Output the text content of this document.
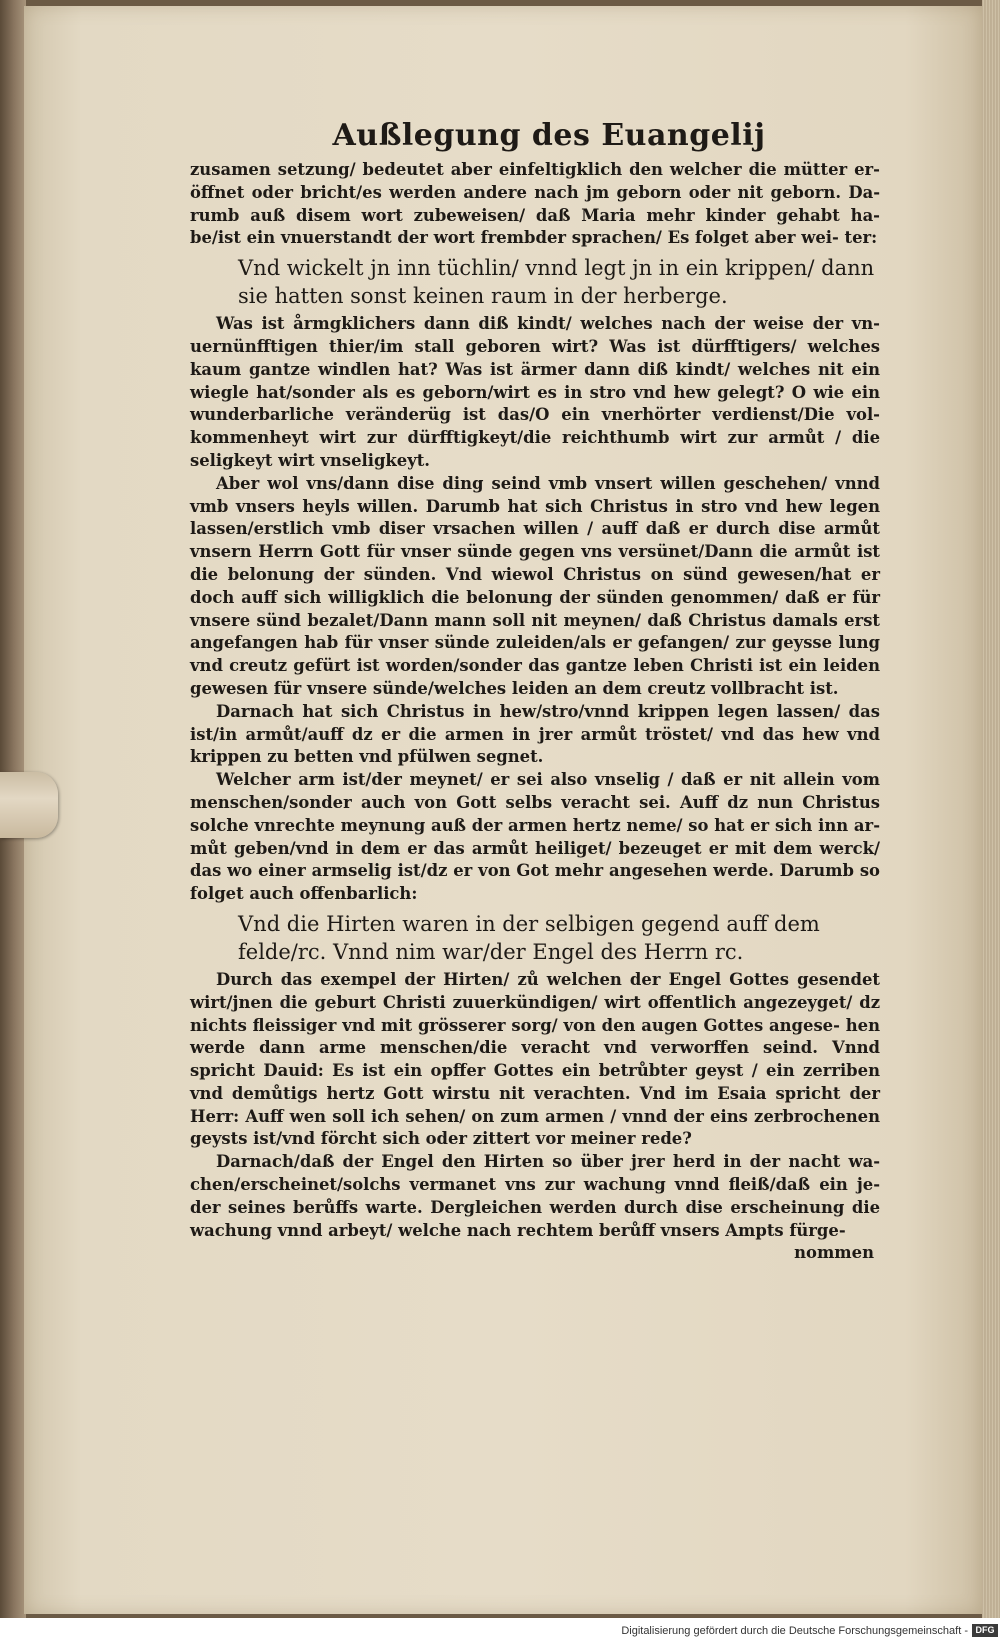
Außlegung des Euangelij

zusamen setzung/ bedeutet aber einfeltigklich den welcher die mütter er- öffnet oder bricht/es werden andere nach jm geborn oder nit geborn. Da- rumb auß disem wort zubeweisen/ daß Maria mehr kinder gehabt ha- be/ist ein vnuerstandt der wort frembder sprachen/ Es folget aber wei- ter:

Vnd wickelt jn inn tüchlin/ vnnd legt jn in ein krippen/ dann sie hatten sonst keinen raum in der herberge.

Was ist årmgklichers dann diß kindt/ welches nach der weise der vn- uernünfftigen thier/im stall geboren wirt? Was ist dürfftigers/ welches kaum gantze windlen hat? Was ist ärmer dann diß kindt/ welches nit ein wiegle hat/sonder als es geborn/wirt es in stro vnd hew gelegt? O wie ein wunderbarliche veränderüg ist das/O ein vnerhörter verdienst/Die vol- kommenheyt wirt zur dürfftigkeyt/die reichthumb wirt zur armůt / die seligkeyt wirt vnseligkeyt.

Aber wol vns/dann dise ding seind vmb vnsert willen geschehen/ vnnd vmb vnsers heyls willen. Darumb hat sich Christus in stro vnd hew legen lassen/erstlich vmb diser vrsachen willen / auff daß er durch dise armůt vnsern Herrn Gott für vnser sünde gegen vns versünet/Dann die armůt ist die belonung der sünden. Vnd wiewol Christus on sünd gewesen/hat er doch auff sich willigklich die belonung der sünden genommen/ daß er für vnsere sünd bezalet/Dann mann soll nit meynen/ daß Christus damals erst angefangen hab für vnser sünde zuleiden/als er gefangen/ zur geysse lung vnd creutz gefürt ist worden/sonder das gantze leben Christi ist ein leiden gewesen für vnsere sünde/welches leiden an dem creutz vollbracht ist.

Darnach hat sich Christus in hew/stro/vnnd krippen legen lassen/ das ist/in armůt/auff dz er die armen in jrer armůt tröstet/ vnd das hew vnd krippen zu betten vnd pfülwen segnet.

Welcher arm ist/der meynet/ er sei also vnselig / daß er nit allein vom menschen/sonder auch von Gott selbs veracht sei. Auff dz nun Christus solche vnrechte meynung auß der armen hertz neme/ so hat er sich inn ar- můt geben/vnd in dem er das armůt heiliget/ bezeuget er mit dem werck/ das wo einer armselig ist/dz er von Got mehr angesehen werde. Darumb so folget auch offenbarlich:

Vnd die Hirten waren in der selbigen gegend auff dem felde/rc. Vnnd nim war/der Engel des Herrn rc.

Durch das exempel der Hirten/ zů welchen der Engel Gottes gesendet wirt/jnen die geburt Christi zuuerkündigen/ wirt offentlich angezeyget/ dz nichts fleissiger vnd mit grösserer sorg/ von den augen Gottes angese- hen werde dann arme menschen/die veracht vnd verworffen seind. Vnnd spricht Dauid: Es ist ein opffer Gottes ein betrůbter geyst / ein zerriben vnd demůtigs hertz Gott wirstu nit verachten. Vnd im Esaia spricht der Herr: Auff wen soll ich sehen/ on zum armen / vnnd der eins zerbrochenen geysts ist/vnd förcht sich oder zittert vor meiner rede?

Darnach/daß der Engel den Hirten so über jrer herd in der nacht wa- chen/erscheinet/solchs vermanet vns zur wachung vnnd fleiß/daß ein je- der seines berůffs warte. Dergleichen werden durch dise erscheinung die wachung vnnd arbeyt/ welche nach rechtem berůff vnsers Ampts fürge-

nommen
Digitalisierung gefördert durch die Deutsche Forschungsgemeinschaft - DFG
